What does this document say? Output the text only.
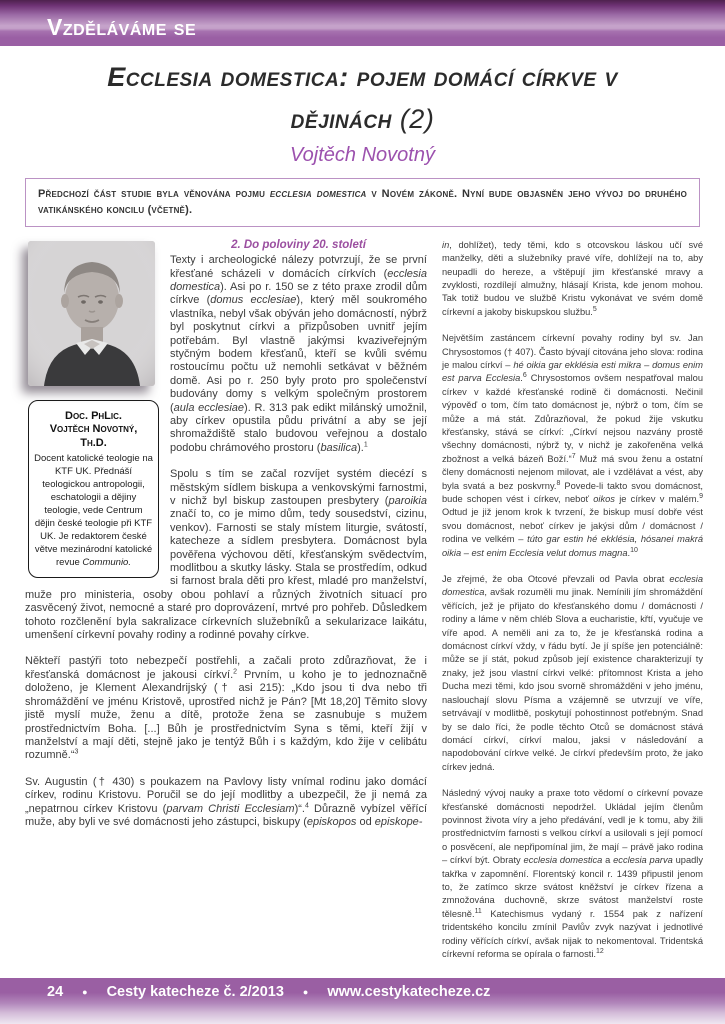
Vzděláváme se
Ecclesia domestica: pojem domácí církve v dějinách (2)
Vojtěch Novotný
Předchozí část studie byla věnována pojmu ecclesia domestica v Novém zákoně. Nyní bude objasněn jeho vývoj do druhého vatikánského koncilu (včetně).
Doc. PhLic.
Vojtěch Novotný,
Th.D.
Docent katolické teologie na KTF UK. Přednáší teologickou antropologii, eschatologii a dějiny teologie, vede Centrum dějin české teologie při KTF UK. Je redaktorem české větve mezinárodní katolické revue Communio.
2. Do poloviny 20. století

Texty i archeologické nálezy potvrzují, že se první křesťané scházeli v domácích církvích (ecclesia domestica). Asi po r. 150 se z této praxe zrodil dům církve (domus ecclesiae), který měl soukromého vlastníka, nebyl však obýván jeho domácností, nýbrž byl poskytnut církvi a přizpůsoben uvnitř jejím potřebám. Byl vlastně jakýmsi kvaziveřejným styčným bodem křesťanů, kteří se kvůli svému rostoucímu počtu už nemohli setkávat v běžném domě. Asi po r. 250 byly proto pro společenství budovány domy s velkým společným prostorem (aula ecclesiae). R. 313 pak edikt milánský umožnil, aby církev opustila půdu privátní a aby se její shromaždiště stalo budovou veřejnou a dostalo podobu chrámového prostoru (basilica).$^1$

Spolu s tím se začal rozvíjet systém diecézí s městským sídlem biskupa a venkovskými farnostmi, v nichž byl biskup zastoupen presbytery (paroikia značí to, co je mimo dům, tedy sousedství, cizinu, venkov). Farnosti se staly místem liturgie, svátostí, katecheze a sídlem presbytera. Domácnost byla pověřena výchovou dětí, křesťanským svědectvím, modlitbou a skutky lásky. Stala se prostředím, odkud si farnost brala děti pro křest, mladé pro manželství, muže pro ministeria, osoby obou pohlaví a různých životních situací pro zasvěcený život, nemocné a staré pro doprovázení, mrtvé pro pohřeb. Důsledkem tohoto rozčlenění byla sakralizace církevních služebníků a sekularizace laikátu, umenšení církevní povahy rodiny a rodinné povahy církve.

Někteří pastýři toto nebezpečí postřehli, a začali proto zdůrazňovat, že i křesťanská domácnost je jakousi církví.$^2$ Prvním, u koho je to jednoznačně doloženo, je Klement Alexandrijský († asi 215): „Kdo jsou ti dva nebo tři shromáždění ve jménu Kristově, uprostřed nichž je Pán? [Mt 18,20] Těmito slovy jistě myslí muže, ženu a dítě, protože žena se zasnubuje s mužem prostřednictvím Boha. [...] Bůh je prostřednictvím Syna s těmi, kteří žijí v manželství a mají děti, stejně jako je tentýž Bůh i s každým, kdo žije v celibátu rozumně.“$^3$

Sv. Augustin († 430) s poukazem na Pavlovy listy vnímal rodinu jako domácí církev, rodinu Kristovu. Poručil se do její modlitby a ubezpečil, že ji nemá za „nepatrnou církev Kristovu (parvam Christi Ecclesiam)“.$^4$ Důrazně vybízel věřící muže, aby byli ve své domácnosti jeho zástupci, biskupy (episkopos od episkope-

in, dohlížet), tedy těmi, kdo s otcovskou láskou učí své manželky, děti a služebníky pravé víře, dohlížejí na to, aby neupadli do hereze, a vštěpují jim křesťanské mravy a zvyklosti, rozdílejí almužny, hlásají Krista, kde jenom mohou. Tak totiž budou ve službě Kristu vykonávat ve svém domě církevní a jakoby biskupskou službu.$^5$

Největším zastáncem církevní povahy rodiny byl sv. Jan Chrysostomos († 407). Často bývají citována jeho slova: rodina je malou církví – hé oikia gar ekklésia esti mikra – domus enim est parva Ecclesia.$^6$ Chrysostomos ovšem nespatřoval malou církev v každé křesťanské rodině či domácnosti. Nečinil výpověď o tom, čím tato domácnost je, nýbrž o tom, čím se může a má stát. Zdůrazňoval, že pokud žije vskutku křesťansky, stává se církví: „Církví nejsou nazvány prostě všechny domácnosti, nýbrž ty, v nichž je zakořeněna velká zbožnost a velká bázeň Boží.“$^7$ Muž má svou ženu a ostatní členy domácnosti nejenom milovat, ale i vzdělávat a vést, aby byla svatá a bez poskvrny.$^8$ Povede-li takto svou domácnost, bude schopen vést i církev, neboť oikos je církev v malém.$^9$ Odtud je již jenom krok k tvrzení, že biskup musí dobře vést svou domácnost, neboť církev je jakýsi dům / domácnost / rodina ve velkém – túto gar estin hé ekklésia, hósanei makrá oikia – est enim Ecclesia velut domus magna.$^{10}$

Je zřejmé, že oba Otcové převzali od Pavla obrat ecclesia domestica, avšak rozuměli mu jinak. Nemínili jím shromáždění věřících, jež je přijato do křesťanského domu / domácnosti / rodiny a láme v něm chléb Slova a eucharistie, křtí, vyučuje ve víře apod. A neměli ani za to, že je křesťanská rodina a domácnost církví vždy, v řádu bytí. Je jí spíše jen potenciálně: může se jí stát, pokud způsob její existence charakterizují ty znaky, jež jsou vlastní církvi velké: přítomnost Krista a jeho Ducha mezi těmi, kdo jsou svorně shromážděni v jeho jménu, naslouchají slovu Písma a vzájemně se utvrzují ve víře, setrvávají v modlitbě, poskytují pohostinnost potřebným. Snad by se dalo říci, že podle těchto Otců se domácnost stává domácí církví, církví malou, jaksi v následování a napodobování církve velké. Je církví především proto, že jako církev jedná.

Následný vývoj nauky a praxe toto vědomí o církevní povaze křesťanské domácnosti nepodržel. Ukládal jejím členům povinnost života víry a jeho předávání, vedl je k tomu, aby žili prostřednictvím farnosti s velkou církví a usilovali s její pomocí o posvěcení, ale nepřipomínal jim, že mají – právě jako rodina – církví být. Obraty ecclesia domestica a ecclesia parva upadly takřka v zapomnění. Florentský koncil r. 1439 připustil jenom to, že zatímco skrze svátost kněžství je církev řízena a zmnožována duchovně, skrze svátost manželství roste tělesně.$^{11}$ Katechismus vydaný r. 1554 pak z nařízení tridentského koncilu zmínil Pavlův zvyk nazývat i jednotlivé rodiny věřících církví, avšak nijak to nekomentoval. Tridentská církevní reforma se opírala o farnosti.$^{12}$

24 ● Cesty katecheze č. 2/2013 ● www.cestykatecheze.cz
